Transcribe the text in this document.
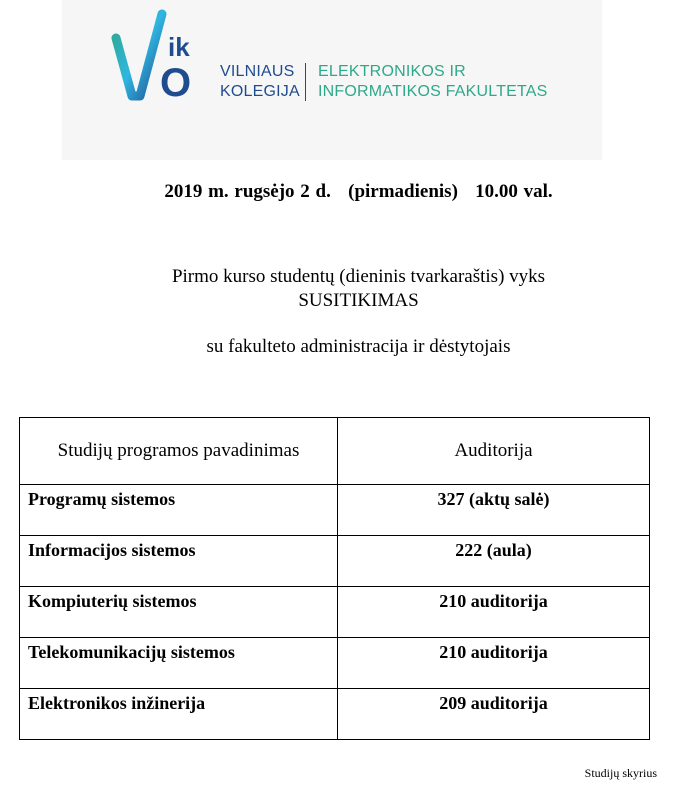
ik
O VILNIAUS
KOLEGIJA
ELEKTRONIKOS IR
INFORMATIKOS FAKULTETAS
2019 m. rugsėjo 2 d. (pirmadienis) 10.00 val.
Pirmo kurso studentų (dieninis tvarkaraštis) vyks
SUSITIKIMAS
su fakulteto administracija ir dėstytojais
Studijų programos pavadinimas	Auditorija
Programų sistemos	327 (aktų salė)
Informacijos sistemos	222 (aula)
Kompiuterių sistemos	210 auditorija
Telekomunikacijų sistemos	210 auditorija
Elektronikos inžinerija	209 auditorija
Studijų skyrius
